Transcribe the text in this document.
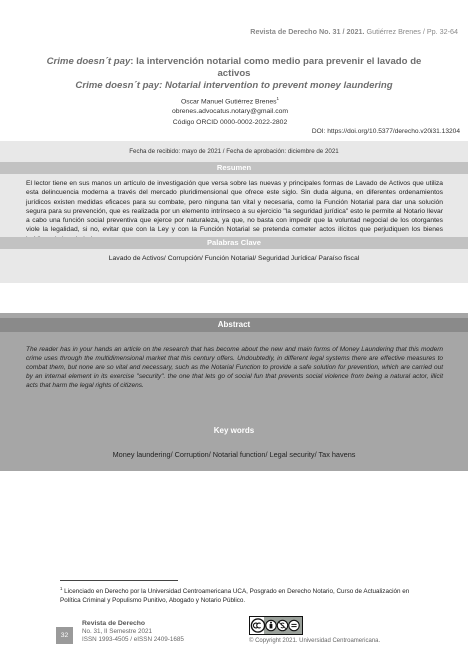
Revista de Derecho No. 31 / 2021. Gutiérrez Brenes / Pp. 32-64
Crime doesn´t pay: la intervención notarial como medio para prevenir el lavado de activos
Crime doesn´t pay: Notarial intervention to prevent money laundering
Oscar Manuel Gutiérrez Brenes$^1$
obrenes.advocatus.notary@gmail.com
Código ORCID 0000-0002-2022-2802
DOI: https://doi.org/10.5377/derecho.v20i31.13204
Fecha de recibido: mayo de 2021 / Fecha de aprobación: diciembre de 2021
Resumen
El lector tiene en sus manos un artículo de investigación que versa sobre las nuevas y principales formas de Lavado de Activos que utiliza esta delincuencia moderna a través del mercado pluridimensional que ofrece este siglo. Sin duda alguna, en diferentes ordenamientos jurídicos existen medidas eficaces para su combate, pero ninguna tan vital y necesaria, como la Función Notarial para dar una solución segura para su prevención, que es realizada por un elemento intrínseco a su ejercicio "la seguridad jurídica" esto le permite al Notario llevar a cabo una función social preventiva que ejerce por naturaleza, ya que, no basta con impedir que la voluntad negocial de los otorgantes viole la legalidad, si no, evitar que con la Ley y con la Función Notarial se pretenda cometer actos ilícitos que perjudiquen los bienes
Palabras Clave
Lavado de Activos/ Corrupción/ Función Notarial/ Seguridad Jurídica/ Paraíso fiscal
Abstract
The reader has in your hands an article on the research that has become about the new and main forms of Money Laundering that this modern crime uses through the multidimensional market that this century offers. Undoubtedly, in different legal systems there are effective measures to combat them, but none are so vital and necessary, such as the Notarial Function to provide a safe solution for prevention, which are carried out by an internal element in its exercise "security". the one that lets go of social fun that prevents social violence from being a natural actor, illicit acts that harm the legal rights of citizens.
Key words
Money laundering/ Corruption/ Notarial function/ Legal security/ Tax havens
$^1$ Licenciado en Derecho por la Universidad Centroamericana UCA, Posgrado en Derecho Notario, Curso de Actualización en Política Criminal y Populismo Punitivo, Abogado y Notario Público.
32
Revista de Derecho
No. 31, II Semestre 2021
ISSN 1993-4505 / eISSN 2409-1685	© Copyright 2021. Universidad Centroamericana.
